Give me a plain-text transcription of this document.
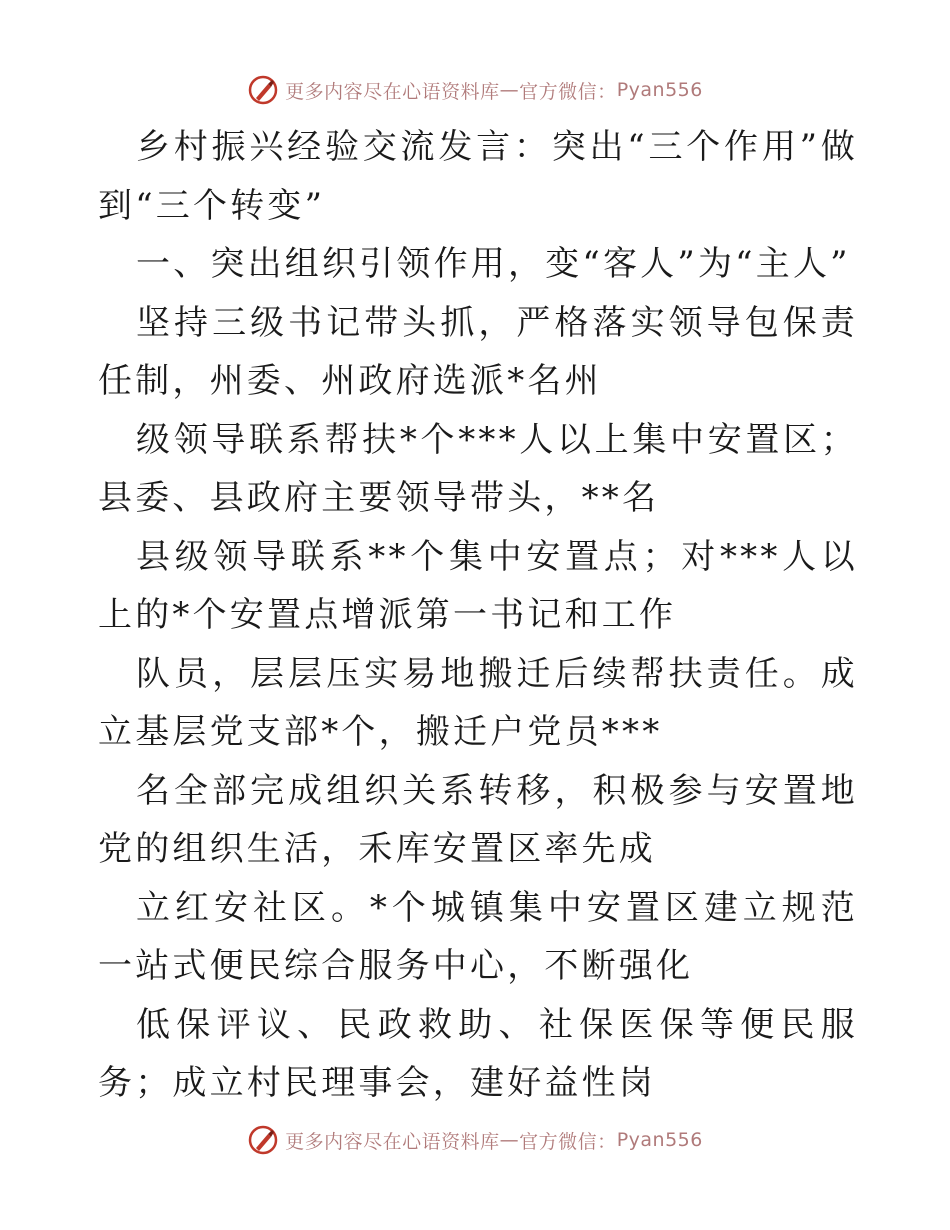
更多内容尽在心语资料库 — 官方微信： Pyan556

乡村振兴经验交流发言：突出“三个作用”做到“三个转变”

一、突出组织引领作用，变“客人”为“主人”

坚持三级书记带头抓，严格落实领导包保责任制，州委、州政府选派*名州

级领导联系帮扶*个***人以上集中安置区；县委、县政府主要领导带头，**名

县级领导联系**个集中安置点；对***人以上的*个安置点增派第一书记和工作

队员，层层压实易地搬迁后续帮扶责任。成立基层党支部*个，搬迁户党员***

名全部完成组织关系转移，积极参与安置地党的组织生活，禾库安置区率先成

立红安社区。*个城镇集中安置区建立规范一站式便民综合服务中心，不断强化

低保评议、民政救助、社保医保等便民服务；成立村民理事会，建好益性岗

更多内容尽在心语资料库 — 官方微信： Pyan556
